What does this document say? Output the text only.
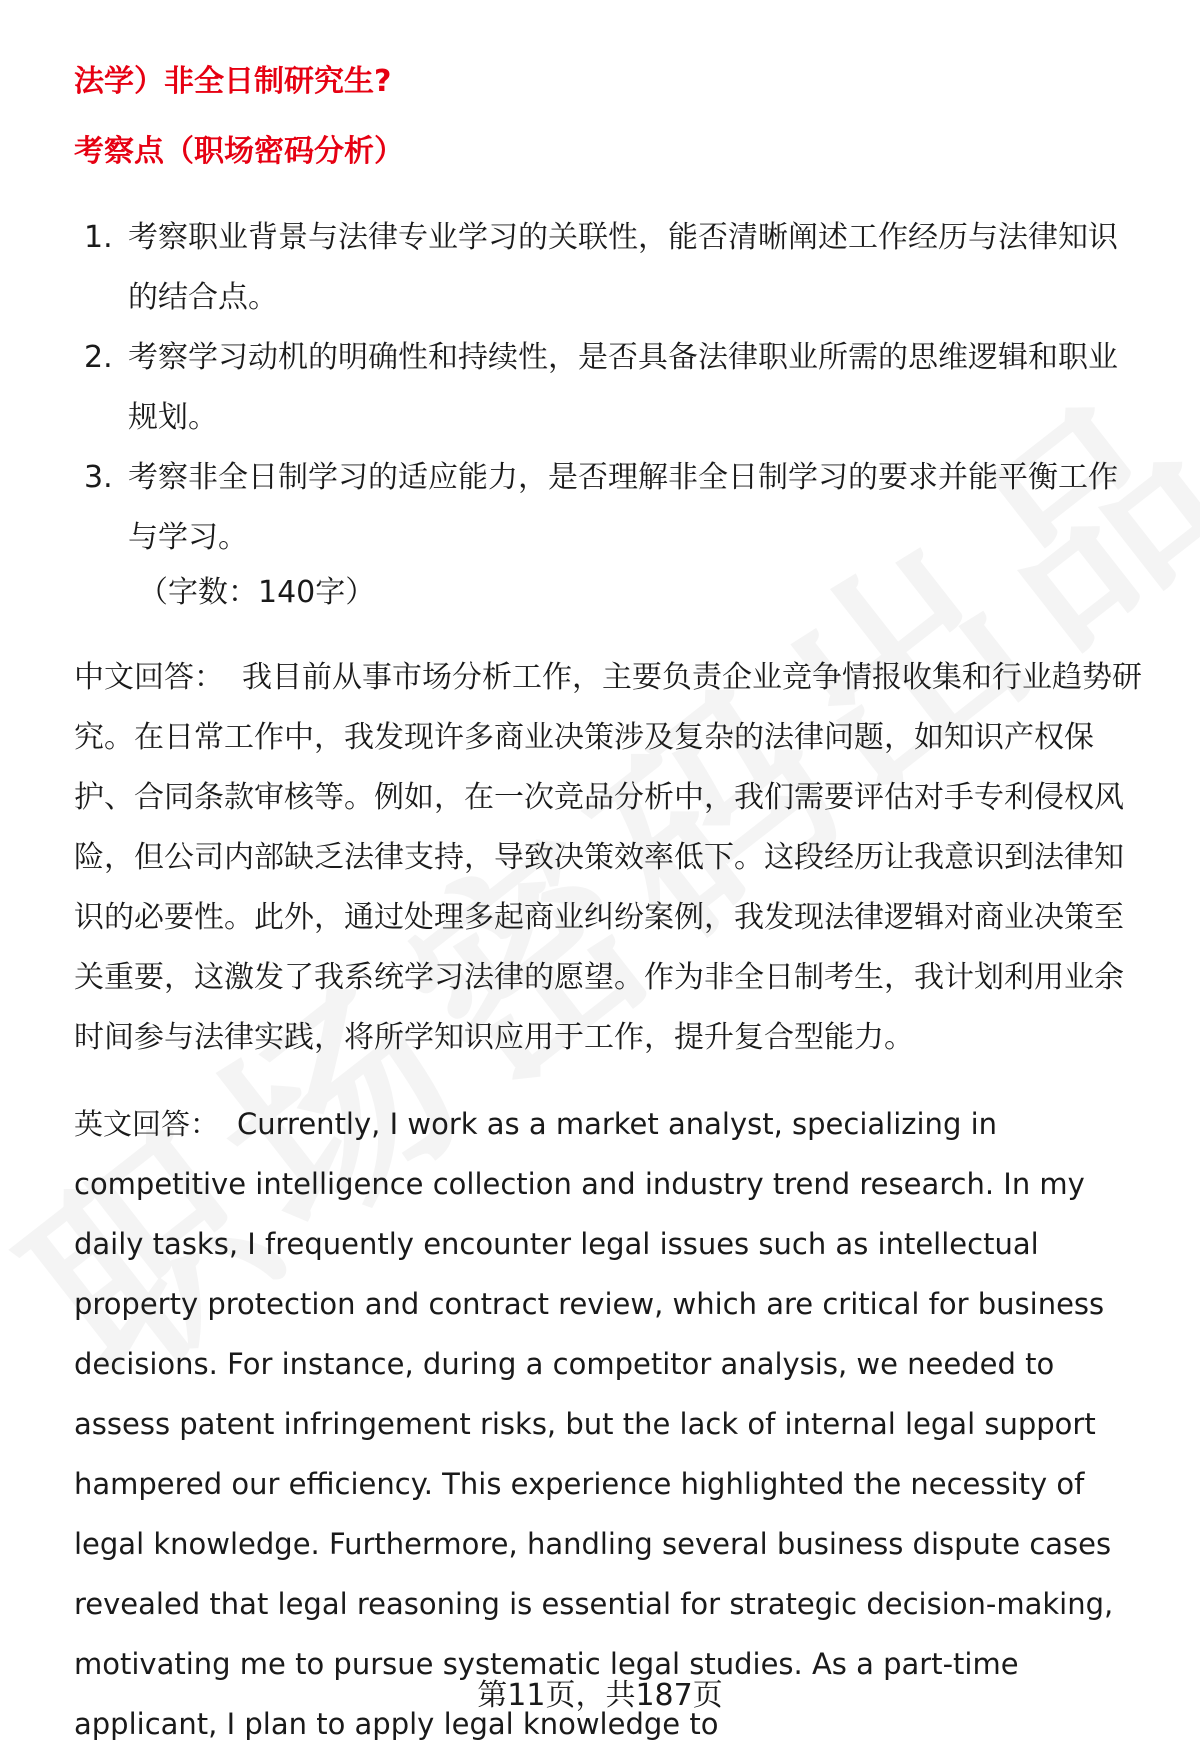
法学）非全日制研究生?
考察点（职场密码分析）
1. 考察职业背景与法律专业学习的关联性，能否清晰阐述工作经历与法律知识的结合点。
2. 考察学习动机的明确性和持续性，是否具备法律职业所需的思维逻辑和职业规划。
3. 考察非全日制学习的适应能力，是否理解非全日制学习的要求并能平衡工作与学习。
（字数：140字）

中文回答： 我目前从事市场分析工作，主要负责企业竞争情报收集和行业趋势研究。在日常工作中，我发现许多商业决策涉及复杂的法律问题，如知识产权保护、合同条款审核等。例如，在一次竞品分析中，我们需要评估对手专利侵权风险，但公司内部缺乏法律支持，导致决策效率低下。这段经历让我意识到法律知识的必要性。此外，通过处理多起商业纠纷案例，我发现法律逻辑对商业决策至关重要，这激发了我系统学习法律的愿望。作为非全日制考生，我计划利用业余时间参与法律实践，将所学知识应用于工作，提升复合型能力。

英文回答： Currently, I work as a market analyst, specializing in competitive intelligence collection and industry trend research. In my daily tasks, I frequently encounter legal issues such as intellectual property protection and contract review, which are critical for business decisions. For instance, during a competitor analysis, we needed to assess patent infringement risks, but the lack of internal legal support hampered our efficiency. This experience highlighted the necessity of legal knowledge. Furthermore, handling several business dispute cases revealed that legal reasoning is essential for strategic decision-making, motivating me to pursue systematic legal studies. As a part-time applicant, I plan to apply legal knowledge to

第11页，共187页
